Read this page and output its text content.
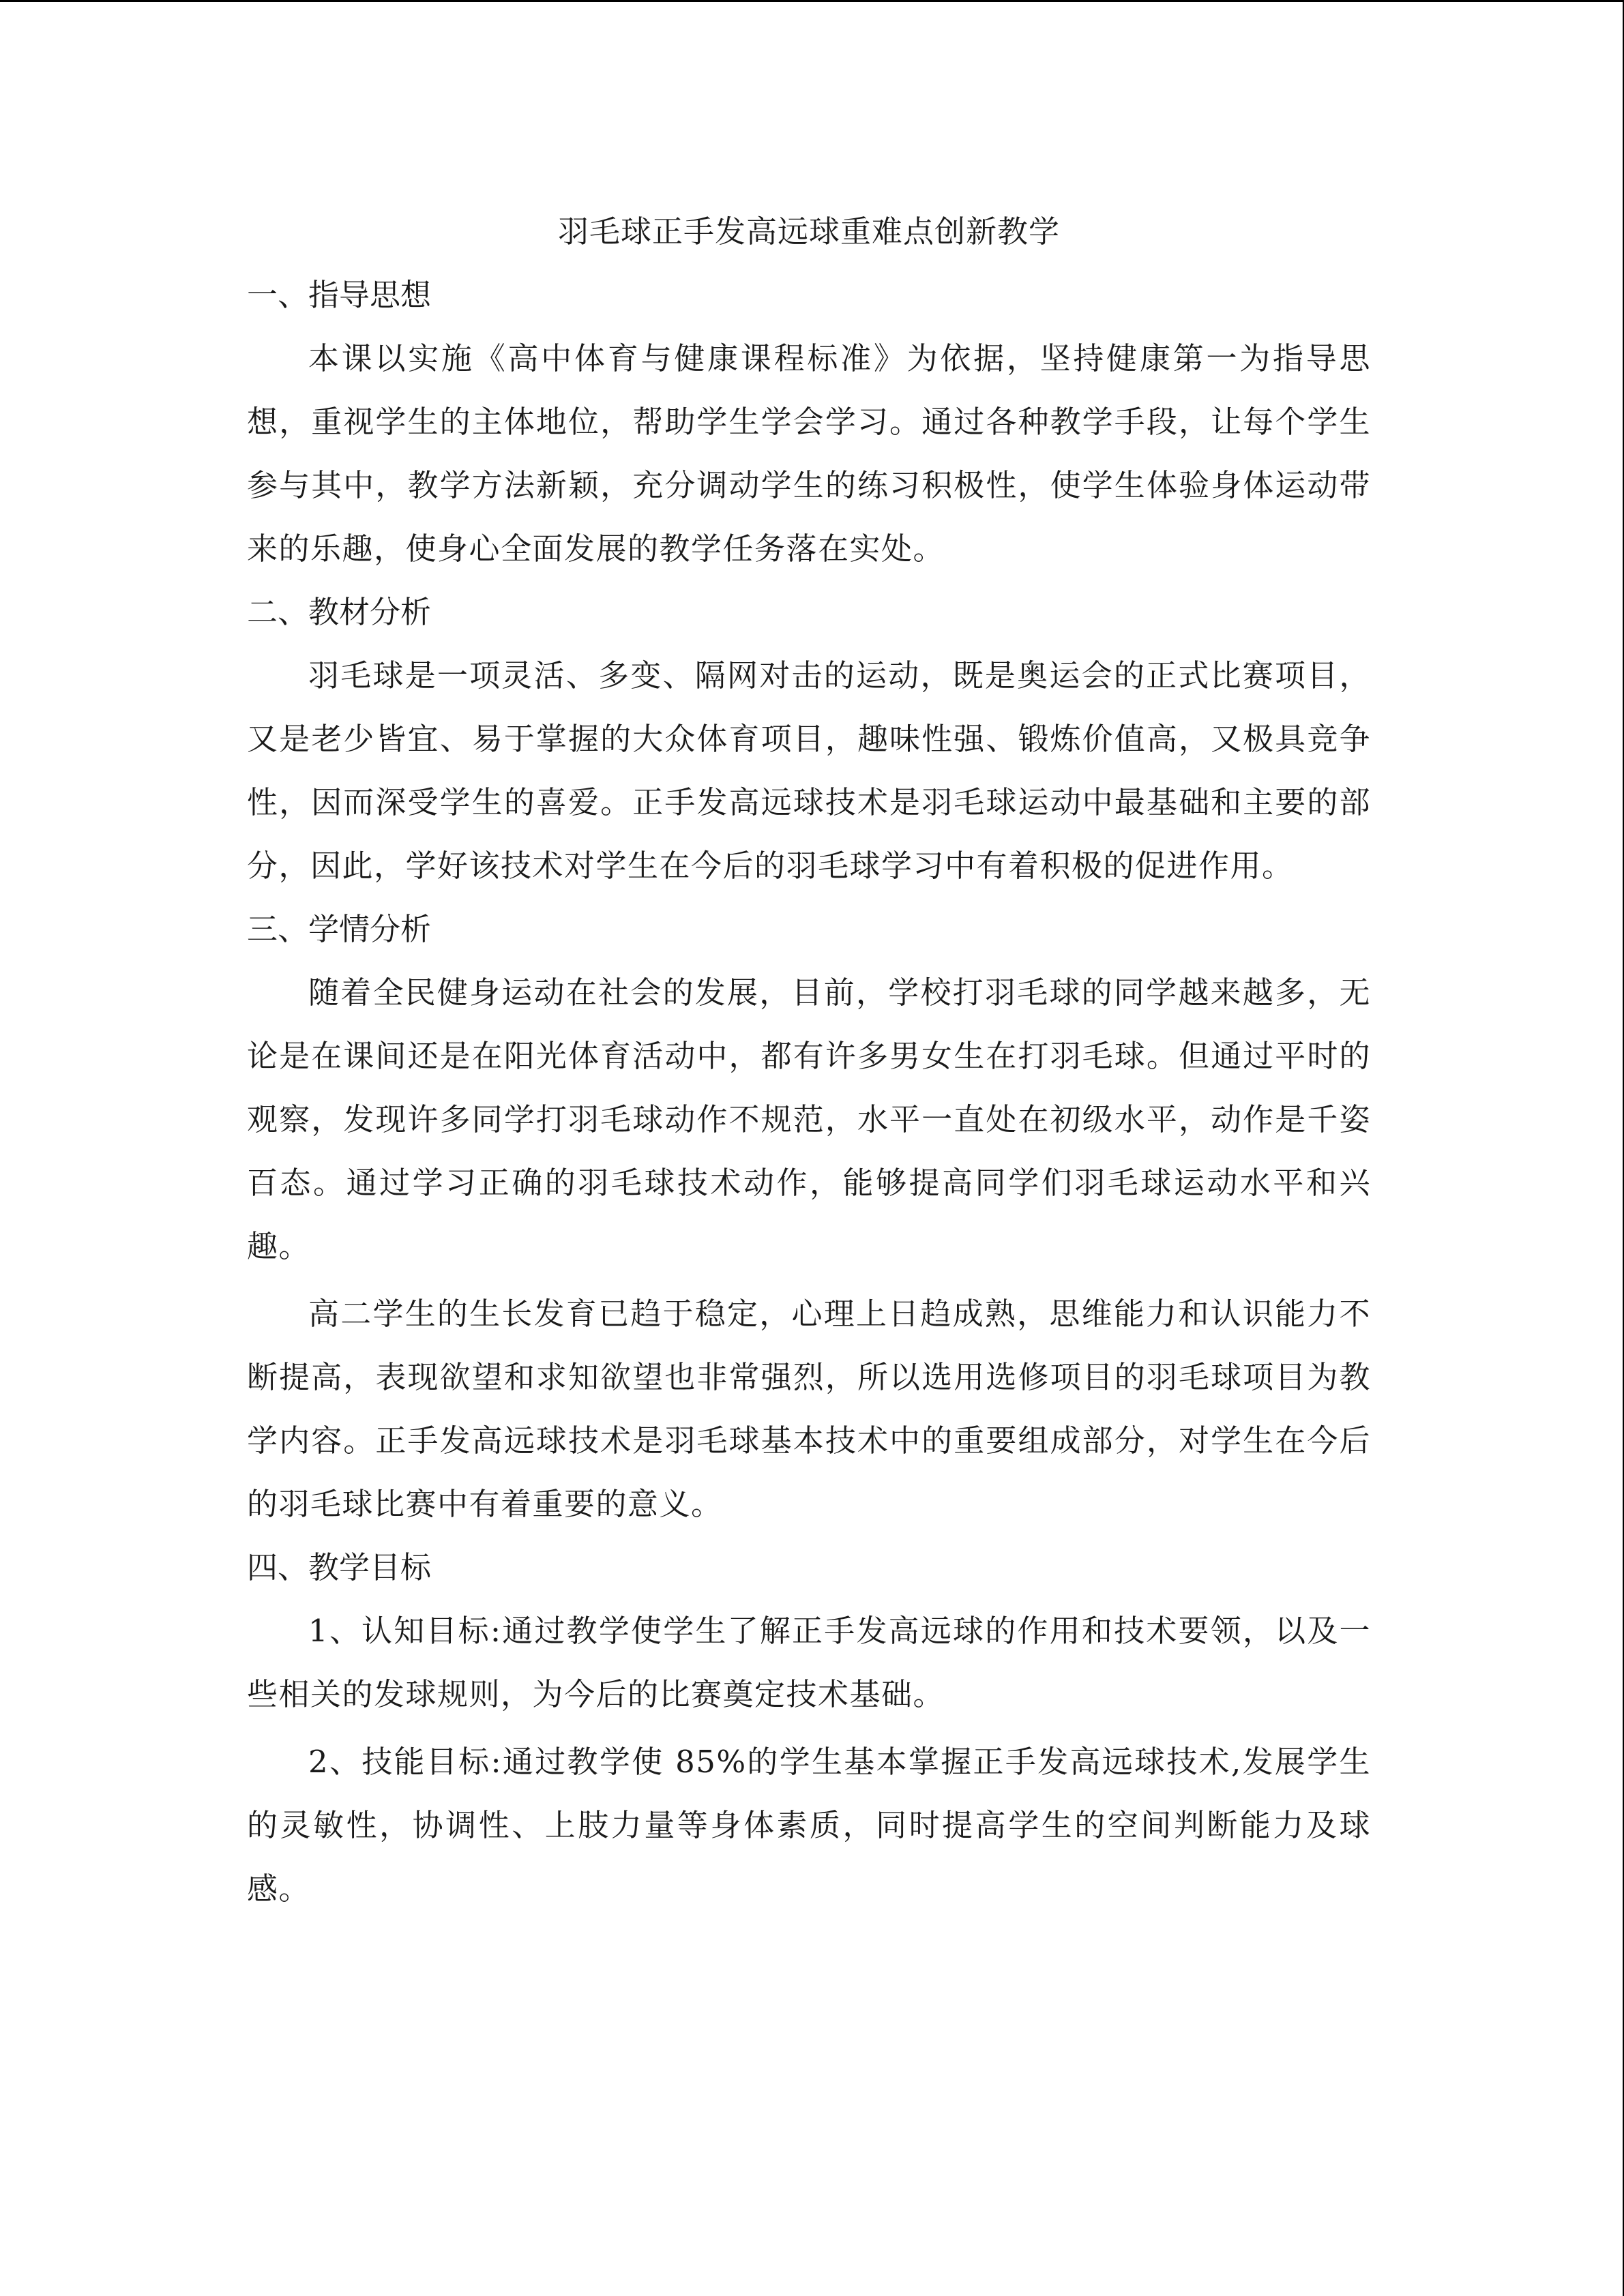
羽毛球正手发高远球重难点创新教学
一、指导思想

本课以实施《高中体育与健康课程标准》为依据，坚持健康第一为指导思想，重视学生的主体地位，帮助学生学会学习。通过各种教学手段，让每个学生参与其中，教学方法新颖，充分调动学生的练习积极性，使学生体验身体运动带来的乐趣，使身心全面发展的教学任务落在实处。

二、教材分析

羽毛球是一项灵活、多变、隔网对击的运动，既是奥运会的正式比赛项目，又是老少皆宜、易于掌握的大众体育项目，趣味性强、锻炼价值高，又极具竞争性，因而深受学生的喜爱。正手发高远球技术是羽毛球运动中最基础和主要的部分，因此，学好该技术对学生在今后的羽毛球学习中有着积极的促进作用。

三、学情分析

随着全民健身运动在社会的发展，目前，学校打羽毛球的同学越来越多，无论是在课间还是在阳光体育活动中，都有许多男女生在打羽毛球。但通过平时的观察，发现许多同学打羽毛球动作不规范，水平一直处在初级水平，动作是千姿百态。通过学习正确的羽毛球技术动作，能够提高同学们羽毛球运动水平和兴趣。

高二学生的生长发育已趋于稳定，心理上日趋成熟，思维能力和认识能力不断提高，表现欲望和求知欲望也非常强烈，所以选用选修项目的羽毛球项目为教学内容。正手发高远球技术是羽毛球基本技术中的重要组成部分，对学生在今后的羽毛球比赛中有着重要的意义。

四、教学目标

1、认知目标:通过教学使学生了解正手发高远球的作用和技术要领，以及一些相关的发球规则，为今后的比赛奠定技术基础。

2、技能目标:通过教学使 85%的学生基本掌握正手发高远球技术,发展学生的灵敏性，协调性、上肢力量等身体素质，同时提高学生的空间判断能力及球感。
